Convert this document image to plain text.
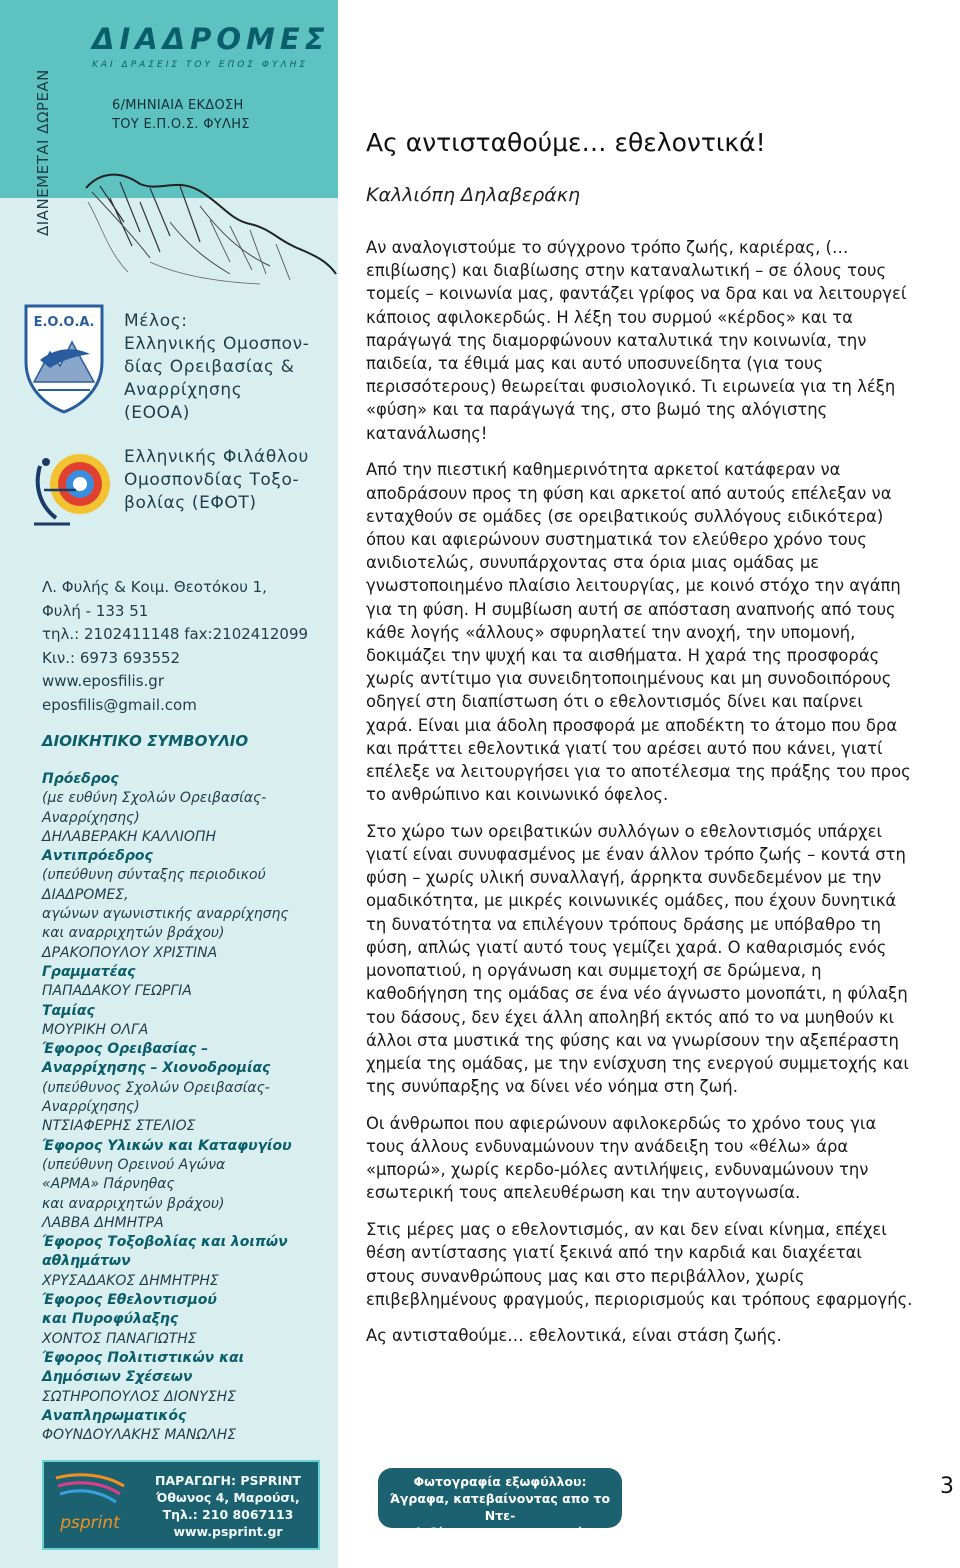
ΔΙΑΝΕΜΕΤΑΙ ΔΩΡΕΑΝ
ΔΙΑΔΡΟΜΕΣ
ΚΑΙ ΔΡΑΣΕΙΣ ΤΟΥ ΕΠΟΣ ΦΥΛΗΣ
6/ΜΗΝΙΑΙΑ ΕΚΔΟΣΗ
ΤΟΥ Ε.Π.Ο.Σ. ΦΥΛΗΣ
Ε.Ο.Ο.Α. Μέλος:
Ελληνικής Ομοσπον-
δίας Ορειβασίας &
Αναρρίχησης
(ΕΟΟΑ)
Ελληνικής Φιλάθλου
Ομοσπονδίας Τοξο-
βολίας (ΕΦΟΤ)
Λ. Φυλής & Κοιμ. Θεοτόκου 1,
Φυλή - 133 51
τηλ.: 2102411148 fax:2102412099
Κιν.: 6973 693552
www.eposfilis.gr
eposfilis@gmail.com
ΔΙΟΙΚΗΤΙΚΟ ΣΥΜΒΟΥΛΙΟ
Πρόεδρος
(με ευθύνη Σχολών Ορειβασίας-
Αναρρίχησης)
ΔΗΛΑΒΕΡΑΚΗ ΚΑΛΛΙΟΠΗ
Αντιπρόεδρος
(υπεύθυνη σύνταξης περιοδικού
ΔΙΑΔΡΟΜΕΣ,
αγώνων αγωνιστικής αναρρίχησης
και αναρριχητών βράχου)
ΔΡΑΚΟΠΟΥΛΟΥ ΧΡΙΣΤΙΝΑ
Γραμματέας
ΠΑΠΑΔΑΚΟΥ ΓΕΩΡΓΙΑ
Ταμίας
ΜΟΥΡΙΚΗ ΟΛΓΑ
Έφορος Ορειβασίας –
Αναρρίχησης – Χιονοδρομίας
(υπεύθυνος Σχολών Ορειβασίας-
Αναρρίχησης)
ΝΤΣΙΑΦΕΡΗΣ ΣΤΕΛΙΟΣ
Έφορος Υλικών και Καταφυγίου
(υπεύθυνη Ορεινού Αγώνα
«ΑΡΜΑ» Πάρνηθας
και αναρριχητών βράχου)
ΛΑΒΒΑ ΔΗΜΗΤΡΑ
Έφορος Τοξοβολίας και λοιπών
αθλημάτων
ΧΡΥΣΑΔΑΚΟΣ ΔΗΜΗΤΡΗΣ
Έφορος Εθελοντισμού
και Πυροφύλαξης
ΧΟΝΤΟΣ ΠΑΝΑΓΙΩΤΗΣ
Έφορος Πολιτιστικών και
Δημόσιων Σχέσεων
ΣΩΤΗΡΟΠΟΥΛΟΣ ΔΙΟΝΥΣΗΣ
Αναπληρωματικός
ΦΟΥΝΔΟΥΛΑΚΗΣ ΜΑΝΩΛΗΣ
psprint
ΠΑΡΑΓΩΓΗ: PSPRINT
Όθωνος 4, Μαρούσι,
Τηλ.: 210 8067113
www.psprint.gr
Ας αντισταθούμε… εθελοντικά!
Καλλιόπη Δηλαβεράκη

Αν αναλογιστούμε το σύγχρονο τρόπο ζωής, καριέρας, (…επιβίωσης) και διαβίωσης στην καταναλωτική – σε όλους τους τομείς – κοινωνία μας, φαντάζει γρίφος να δρα και να λειτουργεί κάποιος αφιλοκερδώς. Η λέξη του συρμού «κέρδος» και τα παράγωγά της διαμορφώνουν καταλυτικά την κοινωνία, την παιδεία, τα έθιμά μας και αυτό υποσυνείδητα (για τους περισσότερους) θεωρείται φυσιολογικό. Τι ειρωνεία για τη λέξη «φύση» και τα παράγωγά της, στο βωμό της αλόγιστης κατανάλωσης!

Από την πιεστική καθημερινότητα αρκετοί κατάφεραν να αποδράσουν προς τη φύση και αρκετοί από αυτούς επέλεξαν να ενταχθούν σε ομάδες (σε ορειβατικούς συλλόγους ειδικότερα) όπου και αφιερώνουν συστηματικά τον ελεύθερο χρόνο τους ανιδιοτελώς, συνυπάρχοντας στα όρια μιας ομάδας με γνωστοποιημένο πλαίσιο λειτουργίας, με κοινό στόχο την αγάπη για τη φύση. Η συμβίωση αυτή σε απόσταση αναπνοής από τους κάθε λογής «άλλους» σφυρηλατεί την ανοχή, την υπομονή, δοκιμάζει την ψυχή και τα αισθήματα. Η χαρά της προσφοράς χωρίς αντίτιμο για συνειδητοποιημένους και μη συνοδοιπόρους οδηγεί στη διαπίστωση ότι ο εθελοντισμός δίνει και παίρνει χαρά. Είναι μια άδολη προσφορά με αποδέκτη το άτομο που δρα και πράττει εθελοντικά γιατί του αρέσει αυτό που κάνει, γιατί επέλεξε να λειτουργήσει για το αποτέλεσμα της πράξης του προς το ανθρώπινο και κοινωνικό όφελος.

Στο χώρο των ορειβατικών συλλόγων ο εθελοντισμός υπάρχει γιατί είναι συνυφασμένος με έναν άλλον τρόπο ζωής – κοντά στη φύση – χωρίς υλική συναλλαγή, άρρηκτα συνδεδεμένον με την ομαδικότητα, με μικρές κοινωνικές ομάδες, που έχουν δυνητικά τη δυνατότητα να επιλέγουν τρόπους δράσης με υπόβαθρο τη φύση, απλώς γιατί αυτό τους γεμίζει χαρά. Ο καθαρισμός ενός μονοπατιού, η οργάνωση και συμμετοχή σε δρώμενα, η καθοδήγηση της ομάδας σε ένα νέο άγνωστο μονοπάτι, η φύλαξη του δάσους, δεν έχει άλλη αποληβή εκτός από το να μυηθούν κι άλλοι στα μυστικά της φύσης και να γνωρίσουν την αξεπέραστη χημεία της ομάδας, με την ενίσχυση της ενεργού συμμετοχής και της συνύπαρξης να δίνει νέο νόημα στη ζωή.

Οι άνθρωποι που αφιερώνουν αφιλοκερδώς το χρόνο τους για τους άλλους ενδυναμώνουν την ανάδειξη του «θέλω» άρα «μπορώ», χωρίς κερδο-μόλες αντιλήψεις, ενδυναμώνουν την εσωτερική τους απελευθέρωση και την αυτογνωσία.

Στις μέρες μας ο εθελοντισμός, αν και δεν είναι κίνημα, επέχει θέση αντίστασης γιατί ξεκινά από την καρδιά και διαχέεται στους συνανθρώπους μας και στο περιβάλλον, χωρίς επιβεβλημένους φραγμούς, περιορισμούς και τρόπους εφαρμογής.

Ας αντισταθούμε… εθελοντικά, είναι στάση ζωής.

Φωτογραφία εξωφύλλου:
Άγραφα, κατεβαίνοντας απο το Ντε-
λιδίμι προς τα Επινιανά
3
